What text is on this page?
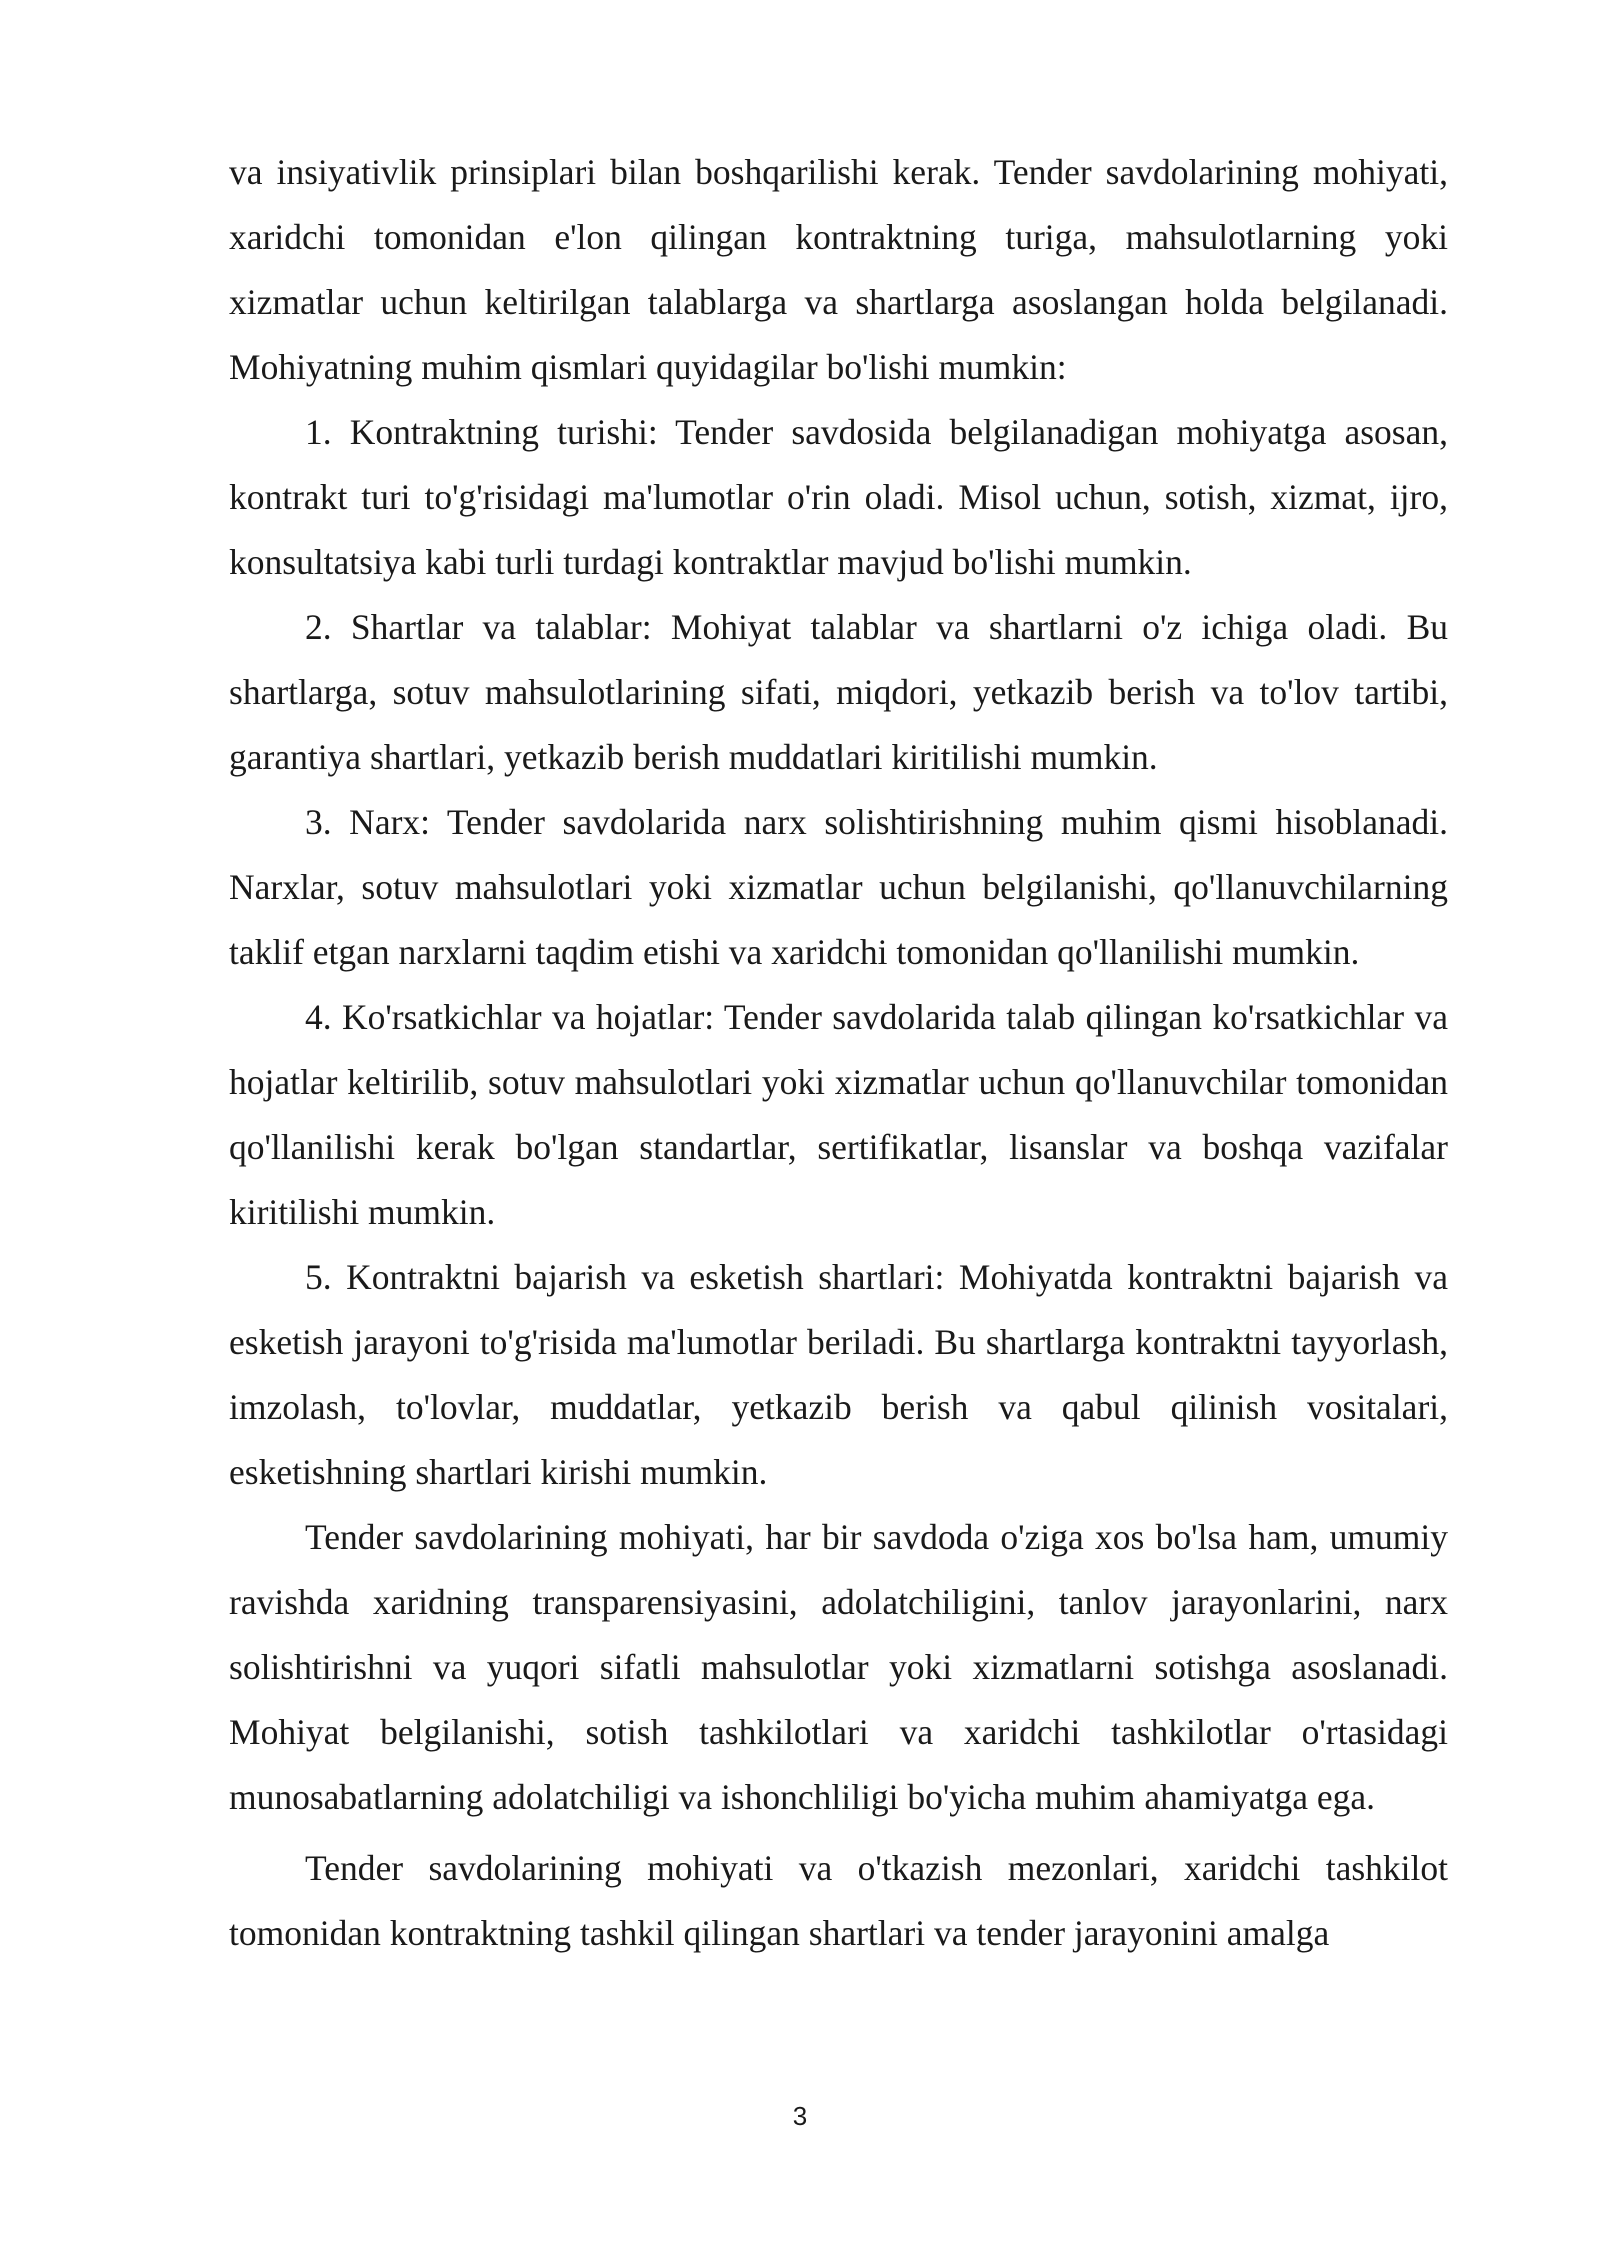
va insiyativlik prinsiplari bilan boshqarilishi kerak. Tender savdolarining mohiyati, xaridchi tomonidan e'lon qilingan kontraktning turiga, mahsulotlarning yoki xizmatlar uchun keltirilgan talablarga va shartlarga asoslangan holda belgilanadi. Mohiyatning muhim qismlari quyidagilar bo'lishi mumkin:

1. Kontraktning turishi: Tender savdosida belgilanadigan mohiyatga asosan, kontrakt turi to'g'risidagi ma'lumotlar o'rin oladi. Misol uchun, sotish, xizmat, ijro, konsultatsiya kabi turli turdagi kontraktlar mavjud bo'lishi mumkin.

2. Shartlar va talablar: Mohiyat talablar va shartlarni o'z ichiga oladi. Bu shartlarga, sotuv mahsulotlarining sifati, miqdori, yetkazib berish va to'lov tartibi, garantiya shartlari, yetkazib berish muddatlari kiritilishi mumkin.

3. Narx: Tender savdolarida narx solishtirishning muhim qismi hisoblanadi. Narxlar, sotuv mahsulotlari yoki xizmatlar uchun belgilanishi, qo'llanuvchilarning taklif etgan narxlarni taqdim etishi va xaridchi tomonidan qo'llanilishi mumkin.

4. Ko'rsatkichlar va hojatlar: Tender savdolarida talab qilingan ko'rsatkichlar va hojatlar keltirilib, sotuv mahsulotlari yoki xizmatlar uchun qo'llanuvchilar tomonidan qo'llanilishi kerak bo'lgan standartlar, sertifikatlar, lisanslar va boshqa vazifalar kiritilishi mumkin.

5. Kontraktni bajarish va esketish shartlari: Mohiyatda kontraktni bajarish va esketish jarayoni to'g'risida ma'lumotlar beriladi. Bu shartlarga kontraktni tayyorlash, imzolash, to'lovlar, muddatlar, yetkazib berish va qabul qilinish vositalari, esketishning shartlari kirishi mumkin.

Tender savdolarining mohiyati, har bir savdoda o'ziga xos bo'lsa ham, umumiy ravishda xaridning transparensiyasini, adolatchiligini, tanlov jarayonlarini, narx solishtirishni va yuqori sifatli mahsulotlar yoki xizmatlarni sotishga asoslanadi. Mohiyat belgilanishi, sotish tashkilotlari va xaridchi tashkilotlar o'rtasidagi munosabatlarning adolatchiligi va ishonchliligi bo'yicha muhim ahamiyatga ega.

Tender savdolarining mohiyati va o'tkazish mezonlari, xaridchi tashkilot tomonidan kontraktning tashkil qilingan shartlari va tender jarayonini amalga

3
